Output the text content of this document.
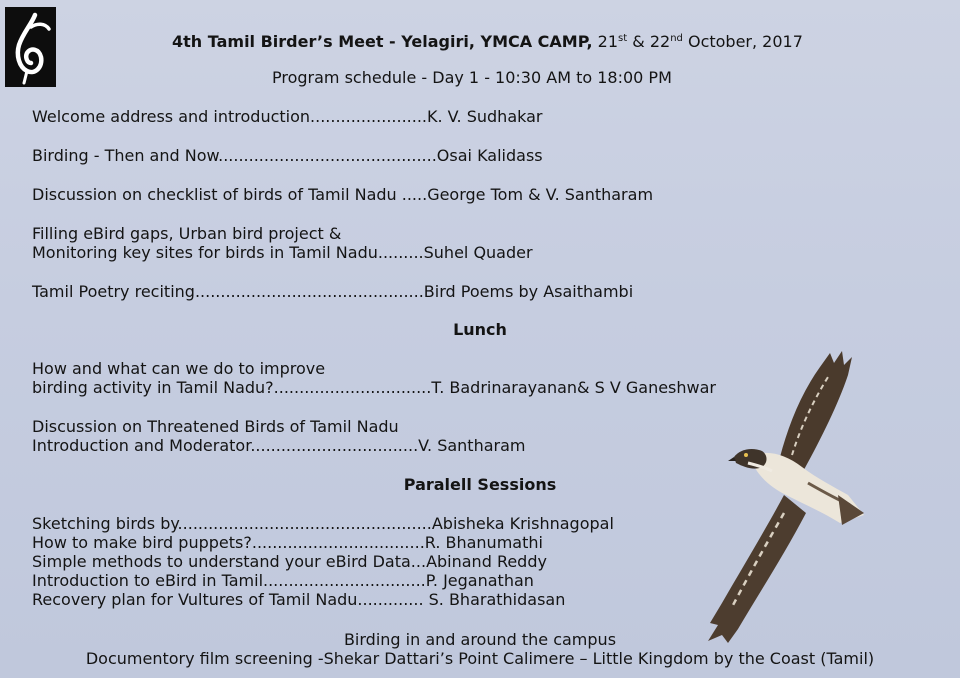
4th Tamil Birder’s Meet - Yelagiri, YMCA CAMP, 21st & 22nd October, 2017
Program schedule - Day 1 - 10:30 AM to 18:00 PM
Welcome address and introduction.......................K. V. Sudhakar
Birding - Then and Now...........................................Osai Kalidass
Discussion on checklist of birds of Tamil Nadu .....George Tom & V. Santharam
Filling eBird gaps, Urban bird project &
Monitoring key sites for birds in Tamil Nadu.........Suhel Quader
Tamil Poetry reciting.............................................Bird Poems by Asaithambi
Lunch
How and what can we do to improve
birding activity in Tamil Nadu?...............................T. Badrinarayanan& S V Ganeshwar
Discussion on Threatened Birds of Tamil Nadu
Introduction and Moderator.................................V. Santharam
Paralell Sessions
Sketching birds by..................................................Abisheka Krishnagopal
How to make bird puppets?..................................R. Bhanumathi
Simple methods to understand your eBird Data...Abinand Reddy
Introduction to eBird in Tamil................................P. Jeganathan
Recovery plan for Vultures of Tamil Nadu............. S. Bharathidasan
Birding in and around the campus
Documentory film screening -Shekar Dattari’s Point Calimere – Little Kingdom by the Coast (Tamil)
